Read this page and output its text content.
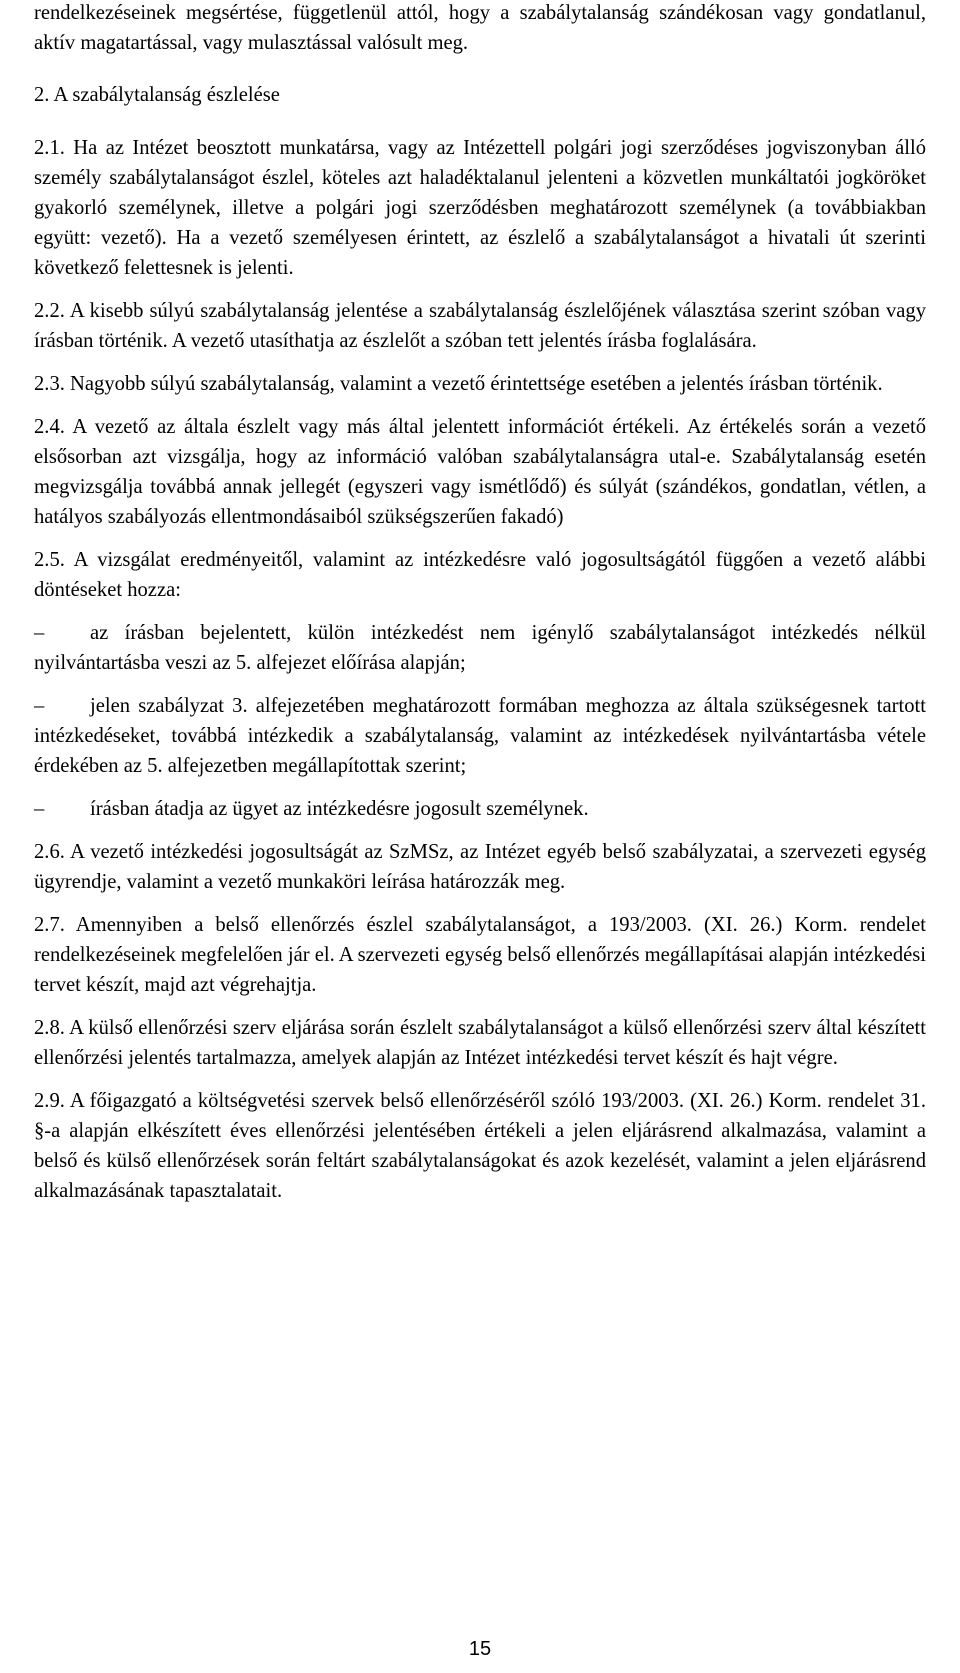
rendelkezéseinek megsértése, függetlenül attól, hogy a szabálytalanság szándékosan vagy gondatlanul, aktív magatartással, vagy mulasztással valósult meg.

2. A szabálytalanság észlelése

2.1. Ha az Intézet beosztott munkatársa, vagy az Intézettell polgári jogi szerződéses jogviszonyban álló személy szabálytalanságot észlel, köteles azt haladéktalanul jelenteni a közvetlen munkáltatói jogköröket gyakorló személynek, illetve a polgári jogi szerződésben meghatározott személynek (a továbbiakban együtt: vezető). Ha a vezető személyesen érintett, az észlelő a szabálytalanságot a hivatali út szerinti következő felettesnek is jelenti.

2.2. A kisebb súlyú szabálytalanság jelentése a szabálytalanság észlelőjének választása szerint szóban vagy írásban történik. A vezető utasíthatja az észlelőt a szóban tett jelentés írásba foglalására.

2.3. Nagyobb súlyú szabálytalanság, valamint a vezető érintettsége esetében a jelentés írásban történik.

2.4. A vezető az általa észlelt vagy más által jelentett információt értékeli. Az értékelés során a vezető elsősorban azt vizsgálja, hogy az információ valóban szabálytalanságra utal-e. Szabálytalanság esetén megvizsgálja továbbá annak jellegét (egyszeri vagy ismétlődő) és súlyát (szándékos, gondatlan, vétlen, a hatályos szabályozás ellentmondásaiból szükségszerűen fakadó)

2.5. A vizsgálat eredményeitől, valamint az intézkedésre való jogosultságától függően a vezető alábbi döntéseket hozza:

–az írásban bejelentett, külön intézkedést nem igénylő szabálytalanságot intézkedés nélkül nyilvántartásba veszi az 5. alfejezet előírása alapján;

–jelen szabályzat 3. alfejezetében meghatározott formában meghozza az általa szükségesnek tartott intézkedéseket, továbbá intézkedik a szabálytalanság, valamint az intézkedések nyilvántartásba vétele érdekében az 5. alfejezetben megállapítottak szerint;

–írásban átadja az ügyet az intézkedésre jogosult személynek.

2.6. A vezető intézkedési jogosultságát az SzMSz, az Intézet egyéb belső szabályzatai, a szervezeti egység ügyrendje, valamint a vezető munkaköri leírása határozzák meg.

2.7. Amennyiben a belső ellenőrzés észlel szabálytalanságot, a 193/2003. (XI. 26.) Korm. rendelet rendelkezéseinek megfelelően jár el. A szervezeti egység belső ellenőrzés megállapításai alapján intézkedési tervet készít, majd azt végrehajtja.

2.8. A külső ellenőrzési szerv eljárása során észlelt szabálytalanságot a külső ellenőrzési szerv által készített ellenőrzési jelentés tartalmazza, amelyek alapján az Intézet intézkedési tervet készít és hajt végre.

2.9. A főigazgató a költségvetési szervek belső ellenőrzéséről szóló 193/2003. (XI. 26.) Korm. rendelet 31. §-a alapján elkészített éves ellenőrzési jelentésében értékeli a jelen eljárásrend alkalmazása, valamint a belső és külső ellenőrzések során feltárt szabálytalanságokat és azok kezelését, valamint a jelen eljárásrend alkalmazásának tapasztalatait.

15
